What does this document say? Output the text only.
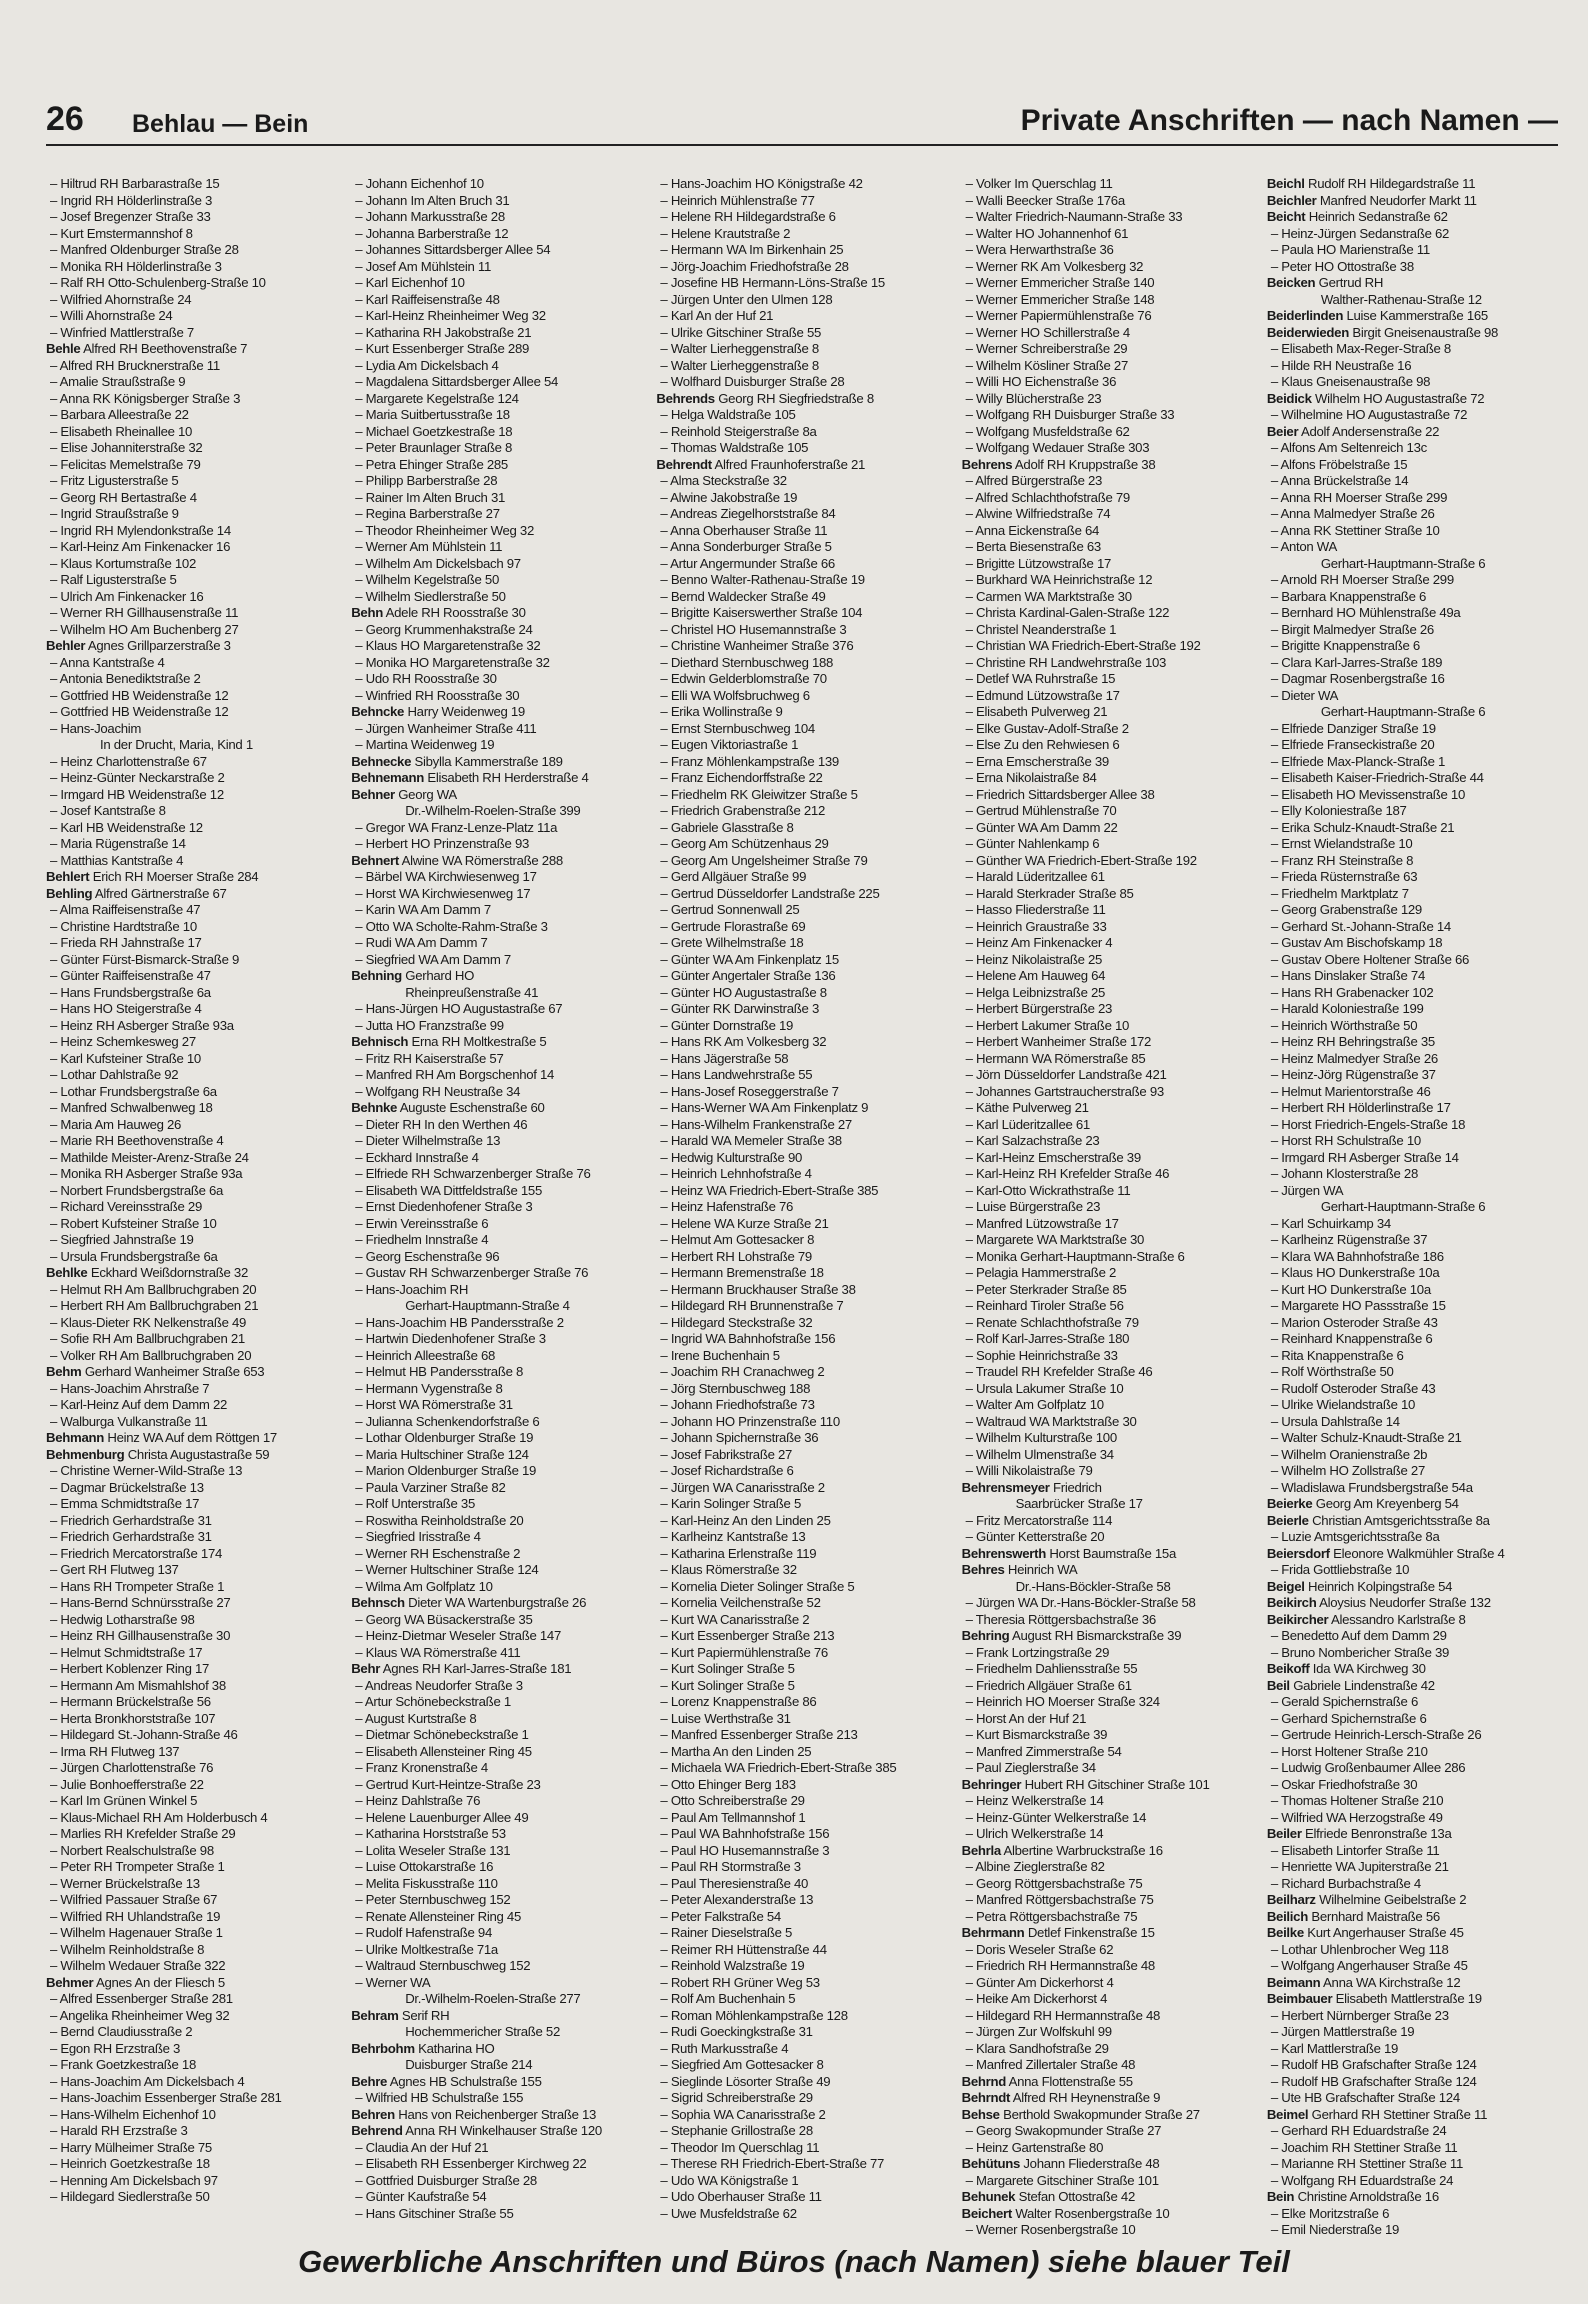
26 Behlau — Bein	Private Anschriften — nach Namen —
– Hiltrud RH Barbarastraße 15
– Ingrid RH Hölderlinstraße 3
– Josef Bregenzer Straße 33
– Kurt Emstermannshof 8
– Manfred Oldenburger Straße 28
– Monika RH Hölderlinstraße 3
– Ralf RH Otto-Schulenberg-Straße 10
– Wilfried Ahornstraße 24
– Willi Ahornstraße 24
– Winfried Mattlerstraße 7
Behle Alfred RH Beethovenstraße 7
– Alfred RH Brucknerstraße 11
– Amalie Straußstraße 9
– Anna RK Königsberger Straße 3
– Barbara Alleestraße 22
– Elisabeth Rheinallee 10
– Elise Johanniterstraße 32
– Felicitas Memelstraße 79
– Fritz Ligusterstraße 5
– Georg RH Bertastraße 4
– Ingrid Straußstraße 9
– Ingrid RH Mylendonkstraße 14
– Karl-Heinz Am Finkenacker 16
– Klaus Kortumstraße 102
– Ralf Ligusterstraße 5
– Ulrich Am Finkenacker 16
– Werner RH Gillhausenstraße 11
– Wilhelm HO Am Buchenberg 27
Behler Agnes Grillparzerstraße 3
– Anna Kantstraße 4
– Antonia Benediktstraße 2
– Gottfried HB Weidenstraße 12
– Gottfried HB Weidenstraße 12
– Hans-Joachim
In der Drucht, Maria, Kind 1
– Heinz Charlottenstraße 67
– Heinz-Günter Neckarstraße 2
– Irmgard HB Weidenstraße 12
– Josef Kantstraße 8
– Karl HB Weidenstraße 12
– Maria Rügenstraße 14
– Matthias Kantstraße 4
Behlert Erich RH Moerser Straße 284
Behling Alfred Gärtnerstraße 67
– Alma Raiffeisenstraße 47
– Christine Hardtstraße 10
– Frieda RH Jahnstraße 17
– Günter Fürst-Bismarck-Straße 9
– Günter Raiffeisenstraße 47
– Hans Frundsbergstraße 6a
– Hans HO Steigerstraße 4
– Heinz RH Asberger Straße 93a
– Heinz Schemkesweg 27
– Karl Kufsteiner Straße 10
– Lothar Dahlstraße 92
– Lothar Frundsbergstraße 6a
– Manfred Schwalbenweg 18
– Maria Am Hauweg 26
– Marie RH Beethovenstraße 4
– Mathilde Meister-Arenz-Straße 24
– Monika RH Asberger Straße 93a
– Norbert Frundsbergstraße 6a
– Richard Vereinsstraße 29
– Robert Kufsteiner Straße 10
– Siegfried Jahnstraße 19
– Ursula Frundsbergstraße 6a
Behlke Eckhard Weißdornstraße 32
– Helmut RH Am Ballbruchgraben 20
– Herbert RH Am Ballbruchgraben 21
– Klaus-Dieter RK Nelkenstraße 49
– Sofie RH Am Ballbruchgraben 21
– Volker RH Am Ballbruchgraben 20
Behm Gerhard Wanheimer Straße 653
– Hans-Joachim Ahrstraße 7
– Karl-Heinz Auf dem Damm 22
– Walburga Vulkanstraße 11
Behmann Heinz WA Auf dem Röttgen 17
Behmenburg Christa Augustastraße 59
– Christine Werner-Wild-Straße 13
– Dagmar Brückelstraße 13
– Emma Schmidtstraße 17
– Friedrich Gerhardstraße 31
– Friedrich Gerhardstraße 31
– Friedrich Mercatorstraße 174
– Gert RH Flutweg 137
– Hans RH Trompeter Straße 1
– Hans-Bernd Schnürsstraße 27
– Hedwig Lotharstraße 98
– Heinz RH Gillhausenstraße 30
– Helmut Schmidtstraße 17
– Herbert Koblenzer Ring 17
– Hermann Am Mismahlshof 38
– Hermann Brückelstraße 56
– Herta Bronkhorststraße 107
– Hildegard St.-Johann-Straße 46
– Irma RH Flutweg 137
– Jürgen Charlottenstraße 76
– Julie Bonhoefferstraße 22
– Karl Im Grünen Winkel 5
– Klaus-Michael RH Am Holderbusch 4
– Marlies RH Krefelder Straße 29
– Norbert Realschulstraße 98
– Peter RH Trompeter Straße 1
– Werner Brückelstraße 13
– Wilfried Passauer Straße 67
– Wilfried RH Uhlandstraße 19
– Wilhelm Hagenauer Straße 1
– Wilhelm Reinholdstraße 8
– Wilhelm Wedauer Straße 322
Behmer Agnes An der Fliesch 5
– Alfred Essenberger Straße 281
– Angelika Rheinheimer Weg 32
– Bernd Claudiusstraße 2
– Egon RH Erzstraße 3
– Frank Goetzkestraße 18
– Hans-Joachim Am Dickelsbach 4
– Hans-Joachim Essenberger Straße 281
– Hans-Wilhelm Eichenhof 10
– Harald RH Erzstraße 3
– Harry Mülheimer Straße 75
– Heinrich Goetzkestraße 18
– Henning Am Dickelsbach 97
– Hildegard Siedlerstraße 50
– Johann Eichenhof 10
– Johann Im Alten Bruch 31
– Johann Markusstraße 28
– Johanna Barberstraße 12
– Johannes Sittardsberger Allee 54
– Josef Am Mühlstein 11
– Karl Eichenhof 10
– Karl Raiffeisenstraße 48
– Karl-Heinz Rheinheimer Weg 32
– Katharina RH Jakobstraße 21
– Kurt Essenberger Straße 289
– Lydia Am Dickelsbach 4
– Magdalena Sittardsberger Allee 54
– Margarete Kegelstraße 124
– Maria Suitbertusstraße 18
– Michael Goetzkestraße 18
– Peter Braunlager Straße 8
– Petra Ehinger Straße 285
– Philipp Barberstraße 28
– Rainer Im Alten Bruch 31
– Regina Barberstraße 27
– Theodor Rheinheimer Weg 32
– Werner Am Mühlstein 11
– Wilhelm Am Dickelsbach 97
– Wilhelm Kegelstraße 50
– Wilhelm Siedlerstraße 50
Behn Adele RH Roosstraße 30
– Georg Krummenhakstraße 24
– Klaus HO Margaretenstraße 32
– Monika HO Margaretenstraße 32
– Udo RH Roosstraße 30
– Winfried RH Roosstraße 30
Behncke Harry Weidenweg 19
– Jürgen Wanheimer Straße 411
– Martina Weidenweg 19
Behnecke Sibylla Kammerstraße 189
Behnemann Elisabeth RH Herderstraße 4
Behner Georg WA
Dr.-Wilhelm-Roelen-Straße 399
– Gregor WA Franz-Lenze-Platz 11a
– Herbert HO Prinzenstraße 93
Behnert Alwine WA Römerstraße 288
– Bärbel WA Kirchwiesenweg 17
– Horst WA Kirchwiesenweg 17
– Karin WA Am Damm 7
– Otto WA Scholte-Rahm-Straße 3
– Rudi WA Am Damm 7
– Siegfried WA Am Damm 7
Behning Gerhard HO
Rheinpreußenstraße 41
– Hans-Jürgen HO Augustastraße 67
– Jutta HO Franzstraße 99
Behnisch Erna RH Moltkestraße 5
– Fritz RH Kaiserstraße 57
– Manfred RH Am Borgschenhof 14
– Wolfgang RH Neustraße 34
Behnke Auguste Eschenstraße 60
– Dieter RH In den Werthen 46
– Dieter Wilhelmstraße 13
– Eckhard Innstraße 4
– Elfriede RH Schwarzenberger Straße 76
– Elisabeth WA Dittfeldstraße 155
– Ernst Diedenhofener Straße 3
– Erwin Vereinsstraße 6
– Friedhelm Innstraße 4
– Georg Eschenstraße 96
– Gustav RH Schwarzenberger Straße 76
– Hans-Joachim RH
Gerhart-Hauptmann-Straße 4
– Hans-Joachim HB Pandersstraße 2
– Hartwin Diedenhofener Straße 3
– Heinrich Alleestraße 68
– Helmut HB Pandersstraße 8
– Hermann Vygenstraße 8
– Horst WA Römerstraße 31
– Julianna Schenkendorfstraße 6
– Lothar Oldenburger Straße 19
– Maria Hultschiner Straße 124
– Marion Oldenburger Straße 19
– Paula Varziner Straße 82
– Rolf Unterstraße 35
– Roswitha Reinholdstraße 20
– Siegfried Irisstraße 4
– Werner RH Eschenstraße 2
– Werner Hultschiner Straße 124
– Wilma Am Golfplatz 10
Behnsch Dieter WA Wartenburgstraße 26
– Georg WA Büsackerstraße 35
– Heinz-Dietmar Weseler Straße 147
– Klaus WA Römerstraße 411
Behr Agnes RH Karl-Jarres-Straße 181
– Andreas Neudorfer Straße 3
– Artur Schönebeckstraße 1
– August Kurtstraße 8
– Dietmar Schönebeckstraße 1
– Elisabeth Allensteiner Ring 45
– Franz Kronenstraße 4
– Gertrud Kurt-Heintze-Straße 23
– Heinz Dahlstraße 76
– Helene Lauenburger Allee 49
– Katharina Horststraße 53
– Lolita Weseler Straße 131
– Luise Ottokarstraße 16
– Melita Fiskusstraße 110
– Peter Sternbuschweg 152
– Renate Allensteiner Ring 45
– Rudolf Hafenstraße 94
– Ulrike Moltkestraße 71a
– Waltraud Sternbuschweg 152
– Werner WA
Dr.-Wilhelm-Roelen-Straße 277
Behram Serif RH
Hochemmericher Straße 52
Behrbohm Katharina HO
Duisburger Straße 214
Behre Agnes HB Schulstraße 155
– Wilfried HB Schulstraße 155
Behren Hans von Reichenberger Straße 13
Behrend Anna RH Winkelhauser Straße 120
– Claudia An der Huf 21
– Elisabeth RH Essenberger Kirchweg 22
– Gottfried Duisburger Straße 28
– Günter Kaufstraße 54
– Hans Gitschiner Straße 55
– Hans-Joachim HO Königstraße 42
– Heinrich Mühlenstraße 77
– Helene RH Hildegardstraße 6
– Helene Krautstraße 2
– Hermann WA Im Birkenhain 25
– Jörg-Joachim Friedhofstraße 28
– Josefine HB Hermann-Löns-Straße 15
– Jürgen Unter den Ulmen 128
– Karl An der Huf 21
– Ulrike Gitschiner Straße 55
– Walter Lierheggenstraße 8
– Walter Lierheggenstraße 8
– Wolfhard Duisburger Straße 28
Behrends Georg RH Siegfriedstraße 8
– Helga Waldstraße 105
– Reinhold Steigerstraße 8a
– Thomas Waldstraße 105
Behrendt Alfred Fraunhoferstraße 21
– Alma Steckstraße 32
– Alwine Jakobstraße 19
– Andreas Ziegelhorststraße 84
– Anna Oberhauser Straße 11
– Anna Sonderburger Straße 5
– Artur Angermunder Straße 66
– Benno Walter-Rathenau-Straße 19
– Bernd Waldecker Straße 49
– Brigitte Kaiserswerther Straße 104
– Christel HO Husemannstraße 3
– Christine Wanheimer Straße 376
– Diethard Sternbuschweg 188
– Edwin Gelderblomstraße 70
– Elli WA Wolfsbruchweg 6
– Erika Wollinstraße 9
– Ernst Sternbuschweg 104
– Eugen Viktoriastraße 1
– Franz Möhlenkampstraße 139
– Franz Eichendorffstraße 22
– Friedhelm RK Gleiwitzer Straße 5
– Friedrich Grabenstraße 212
– Gabriele Glasstraße 8
– Georg Am Schützenhaus 29
– Georg Am Ungelsheimer Straße 79
– Gerd Allgäuer Straße 99
– Gertrud Düsseldorfer Landstraße 225
– Gertrud Sonnenwall 25
– Gertrude Florastraße 69
– Grete Wilhelmstraße 18
– Günter WA Am Finkenplatz 15
– Günter Angertaler Straße 136
– Günter HO Augustastraße 8
– Günter RK Darwinstraße 3
– Günter Dornstraße 19
– Hans RK Am Volkesberg 32
– Hans Jägerstraße 58
– Hans Landwehrstraße 55
– Hans-Josef Roseggerstraße 7
– Hans-Werner WA Am Finkenplatz 9
– Hans-Wilhelm Frankenstraße 27
– Harald WA Memeler Straße 38
– Hedwig Kulturstraße 90
– Heinrich Lehnhofstraße 4
– Heinz WA Friedrich-Ebert-Straße 385
– Heinz Hafenstraße 76
– Helene WA Kurze Straße 21
– Helmut Am Gottesacker 8
– Herbert RH Lohstraße 79
– Hermann Bremenstraße 18
– Hermann Bruckhauser Straße 38
– Hildegard RH Brunnenstraße 7
– Hildegard Steckstraße 32
– Ingrid WA Bahnhofstraße 156
– Irene Buchenhain 5
– Joachim RH Cranachweg 2
– Jörg Sternbuschweg 188
– Johann Friedhofstraße 73
– Johann HO Prinzenstraße 110
– Johann Spichernstraße 36
– Josef Fabrikstraße 27
– Josef Richardstraße 6
– Jürgen WA Canarisstraße 2
– Karin Solinger Straße 5
– Karl-Heinz An den Linden 25
– Karlheinz Kantstraße 13
– Katharina Erlenstraße 119
– Klaus Römerstraße 32
– Kornelia Dieter Solinger Straße 5
– Kornelia Veilchenstraße 52
– Kurt WA Canarisstraße 2
– Kurt Essenberger Straße 213
– Kurt Papiermühlenstraße 76
– Kurt Solinger Straße 5
– Kurt Solinger Straße 5
– Lorenz Knappenstraße 86
– Luise Werthstraße 31
– Manfred Essenberger Straße 213
– Martha An den Linden 25
– Michaela WA Friedrich-Ebert-Straße 385
– Otto Ehinger Berg 183
– Otto Schreiberstraße 29
– Paul Am Tellmannshof 1
– Paul WA Bahnhofstraße 156
– Paul HO Husemannstraße 3
– Paul RH Stormstraße 3
– Paul Theresienstraße 40
– Peter Alexanderstraße 13
– Peter Falkstraße 54
– Rainer Dieselstraße 5
– Reimer RH Hüttenstraße 44
– Reinhold Walzstraße 19
– Robert RH Grüner Weg 53
– Rolf Am Buchenhain 5
– Roman Möhlenkampstraße 128
– Rudi Goeckingkstraße 31
– Ruth Markusstraße 4
– Siegfried Am Gottesacker 8
– Sieglinde Lösorter Straße 49
– Sigrid Schreiberstraße 29
– Sophia WA Canarisstraße 2
– Stephanie Grillostraße 28
– Theodor Im Querschlag 11
– Therese RH Friedrich-Ebert-Straße 77
– Udo WA Königstraße 1
– Udo Oberhauser Straße 11
– Uwe Musfeldstraße 62
– Volker Im Querschlag 11
– Walli Beecker Straße 176a
– Walter Friedrich-Naumann-Straße 33
– Walter HO Johannenhof 61
– Wera Herwarthstraße 36
– Werner RK Am Volkesberg 32
– Werner Emmericher Straße 140
– Werner Emmericher Straße 148
– Werner Papiermühlenstraße 76
– Werner HO Schillerstraße 4
– Werner Schreiberstraße 29
– Wilhelm Kösliner Straße 27
– Willi HO Eichenstraße 36
– Willy Blücherstraße 23
– Wolfgang RH Duisburger Straße 33
– Wolfgang Musfeldstraße 62
– Wolfgang Wedauer Straße 303
Behrens Adolf RH Kruppstraße 38
– Alfred Bürgerstraße 23
– Alfred Schlachthofstraße 79
– Alwine Wilfriedstraße 74
– Anna Eickenstraße 64
– Berta Biesenstraße 63
– Brigitte Lützowstraße 17
– Burkhard WA Heinrichstraße 12
– Carmen WA Marktstraße 30
– Christa Kardinal-Galen-Straße 122
– Christel Neanderstraße 1
– Christian WA Friedrich-Ebert-Straße 192
– Christine RH Landwehrstraße 103
– Detlef WA Ruhrstraße 15
– Edmund Lützowstraße 17
– Elisabeth Pulverweg 21
– Elke Gustav-Adolf-Straße 2
– Else Zu den Rehwiesen 6
– Erna Emscherstraße 39
– Erna Nikolaistraße 84
– Friedrich Sittardsberger Allee 38
– Gertrud Mühlenstraße 70
– Günter WA Am Damm 22
– Günter Nahlenkamp 6
– Günther WA Friedrich-Ebert-Straße 192
– Harald Lüderitzallee 61
– Harald Sterkrader Straße 85
– Hasso Fliederstraße 11
– Heinrich Graustraße 33
– Heinz Am Finkenacker 4
– Heinz Nikolaistraße 25
– Helene Am Hauweg 64
– Helga Leibnizstraße 25
– Herbert Bürgerstraße 23
– Herbert Lakumer Straße 10
– Herbert Wanheimer Straße 172
– Hermann WA Römerstraße 85
– Jörn Düsseldorfer Landstraße 421
– Johannes Gartstraucherstraße 93
– Käthe Pulverweg 21
– Karl Lüderitzallee 61
– Karl Salzachstraße 23
– Karl-Heinz Emscherstraße 39
– Karl-Heinz RH Krefelder Straße 46
– Karl-Otto Wickrathstraße 11
– Luise Bürgerstraße 23
– Manfred Lützowstraße 17
– Margarete WA Marktstraße 30
– Monika Gerhart-Hauptmann-Straße 6
– Pelagia Hammerstraße 2
– Peter Sterkrader Straße 85
– Reinhard Tiroler Straße 56
– Renate Schlachthofstraße 79
– Rolf Karl-Jarres-Straße 180
– Sophie Heinrichstraße 33
– Traudel RH Krefelder Straße 46
– Ursula Lakumer Straße 10
– Walter Am Golfplatz 10
– Waltraud WA Marktstraße 30
– Wilhelm Kulturstraße 100
– Wilhelm Ulmenstraße 34
– Willi Nikolaistraße 79
Behrensmeyer Friedrich
Saarbrücker Straße 17
– Fritz Mercatorstraße 114
– Günter Ketterstraße 20
Behrenswerth Horst Baumstraße 15a
Behres Heinrich WA
Dr.-Hans-Böckler-Straße 58
– Jürgen WA Dr.-Hans-Böckler-Straße 58
– Theresia Röttgersbachstraße 36
Behring August RH Bismarckstraße 39
– Frank Lortzingstraße 29
– Friedhelm Dahliensstraße 55
– Friedrich Allgäuer Straße 61
– Heinrich HO Moerser Straße 324
– Horst An der Huf 21
– Kurt Bismarckstraße 39
– Manfred Zimmerstraße 54
– Paul Zieglerstraße 34
Behringer Hubert RH Gitschiner Straße 101
– Heinz Welkerstraße 14
– Heinz-Günter Welkerstraße 14
– Ulrich Welkerstraße 14
Behrla Albertine Warbruckstraße 16
– Albine Zieglerstraße 82
– Georg Röttgersbachstraße 75
– Manfred Röttgersbachstraße 75
– Petra Röttgersbachstraße 75
Behrmann Detlef Finkenstraße 15
– Doris Weseler Straße 62
– Friedrich RH Hermannstraße 48
– Günter Am Dickerhorst 4
– Heike Am Dickerhorst 4
– Hildegard RH Hermannstraße 48
– Jürgen Zur Wolfskuhl 99
– Klara Sandhofstraße 29
– Manfred Zillertaler Straße 48
Behrnd Anna Flottenstraße 55
Behrndt Alfred RH Heynenstraße 9
Behse Berthold Swakopmunder Straße 27
– Georg Swakopmunder Straße 27
– Heinz Gartenstraße 80
Behütuns Johann Fliederstraße 48
– Margarete Gitschiner Straße 101
Behunek Stefan Ottostraße 42
Beichert Walter Rosenbergstraße 10
– Werner Rosenbergstraße 10
Beichl Rudolf RH Hildegardstraße 11
Beichler Manfred Neudorfer Markt 11
Beicht Heinrich Sedanstraße 62
– Heinz-Jürgen Sedanstraße 62
– Paula HO Marienstraße 11
– Peter HO Ottostraße 38
Beicken Gertrud RH
Walther-Rathenau-Straße 12
Beiderlinden Luise Kammerstraße 165
Beiderwieden Birgit Gneisenaustraße 98
– Elisabeth Max-Reger-Straße 8
– Hilde RH Neustraße 16
– Klaus Gneisenaustraße 98
Beidick Wilhelm HO Augustastraße 72
– Wilhelmine HO Augustastraße 72
Beier Adolf Andersenstraße 22
– Alfons Am Seltenreich 13c
– Alfons Fröbelstraße 15
– Anna Brückelstraße 14
– Anna RH Moerser Straße 299
– Anna Malmedyer Straße 26
– Anna RK Stettiner Straße 10
– Anton WA
Gerhart-Hauptmann-Straße 6
– Arnold RH Moerser Straße 299
– Barbara Knappenstraße 6
– Bernhard HO Mühlenstraße 49a
– Birgit Malmedyer Straße 26
– Brigitte Knappenstraße 6
– Clara Karl-Jarres-Straße 189
– Dagmar Rosenbergstraße 16
– Dieter WA
Gerhart-Hauptmann-Straße 6
– Elfriede Danziger Straße 19
– Elfriede Franseckistraße 20
– Elfriede Max-Planck-Straße 1
– Elisabeth Kaiser-Friedrich-Straße 44
– Elisabeth HO Mevissenstraße 10
– Elly Koloniestraße 187
– Erika Schulz-Knaudt-Straße 21
– Ernst Wielandstraße 10
– Franz RH Steinstraße 8
– Frieda Rüsternstraße 63
– Friedhelm Marktplatz 7
– Georg Grabenstraße 129
– Gerhard St.-Johann-Straße 14
– Gustav Am Bischofskamp 18
– Gustav Obere Holtener Straße 66
– Hans Dinslaker Straße 74
– Hans RH Grabenacker 102
– Harald Koloniestraße 199
– Heinrich Wörthstraße 50
– Heinz RH Behringstraße 35
– Heinz Malmedyer Straße 26
– Heinz-Jörg Rügenstraße 37
– Helmut Marientorstraße 46
– Herbert RH Hölderlinstraße 17
– Horst Friedrich-Engels-Straße 18
– Horst RH Schulstraße 10
– Irmgard RH Asberger Straße 14
– Johann Klosterstraße 28
– Jürgen WA
Gerhart-Hauptmann-Straße 6
– Karl Schuirkamp 34
– Karlheinz Rügenstraße 37
– Klara WA Bahnhofstraße 186
– Klaus HO Dunkerstraße 10a
– Kurt HO Dunkerstraße 10a
– Margarete HO Passstraße 15
– Marion Osteroder Straße 43
– Reinhard Knappenstraße 6
– Rita Knappenstraße 6
– Rolf Wörthstraße 50
– Rudolf Osteroder Straße 43
– Ulrike Wielandstraße 10
– Ursula Dahlstraße 14
– Walter Schulz-Knaudt-Straße 21
– Wilhelm Oranienstraße 2b
– Wilhelm HO Zollstraße 27
– Wladislawa Frundsbergstraße 54a
Beierke Georg Am Kreyenberg 54
Beierle Christian Amtsgerichtsstraße 8a
– Luzie Amtsgerichtsstraße 8a
Beiersdorf Eleonore Walkmühler Straße 4
– Frida Gottliebstraße 10
Beigel Heinrich Kolpingstraße 54
Beikirch Aloysius Neudorfer Straße 132
Beikircher Alessandro Karlstraße 8
– Benedetto Auf dem Damm 29
– Bruno Nombericher Straße 39
Beikoff Ida WA Kirchweg 30
Beil Gabriele Lindenstraße 42
– Gerald Spichernstraße 6
– Gerhard Spichernstraße 6
– Gertrude Heinrich-Lersch-Straße 26
– Horst Holtener Straße 210
– Ludwig Großenbaumer Allee 286
– Oskar Friedhofstraße 30
– Thomas Holtener Straße 210
– Wilfried WA Herzogstraße 49
Beiler Elfriede Benronstraße 13a
– Elisabeth Lintorfer Straße 11
– Henriette WA Jupiterstraße 21
– Richard Burbachstraße 4
Beilharz Wilhelmine Geibelstraße 2
Beilich Bernhard Maistraße 56
Beilke Kurt Angerhauser Straße 45
– Lothar Uhlenbrocher Weg 118
– Wolfgang Angerhauser Straße 45
Beimann Anna WA Kirchstraße 12
Beimbauer Elisabeth Mattlerstraße 19
– Herbert Nürnberger Straße 23
– Jürgen Mattlerstraße 19
– Karl Mattlerstraße 19
– Rudolf HB Grafschafter Straße 124
– Rudolf HB Grafschafter Straße 124
– Ute HB Grafschafter Straße 124
Beimel Gerhard RH Stettiner Straße 11
– Gerhard RH Eduardstraße 24
– Joachim RH Stettiner Straße 11
– Marianne RH Stettiner Straße 11
– Wolfgang RH Eduardstraße 24
Bein Christine Arnoldstraße 16
– Elke Moritzstraße 6
– Emil Niederstraße 19
Gewerbliche Anschriften und Büros (nach Namen) siehe blauer Teil
